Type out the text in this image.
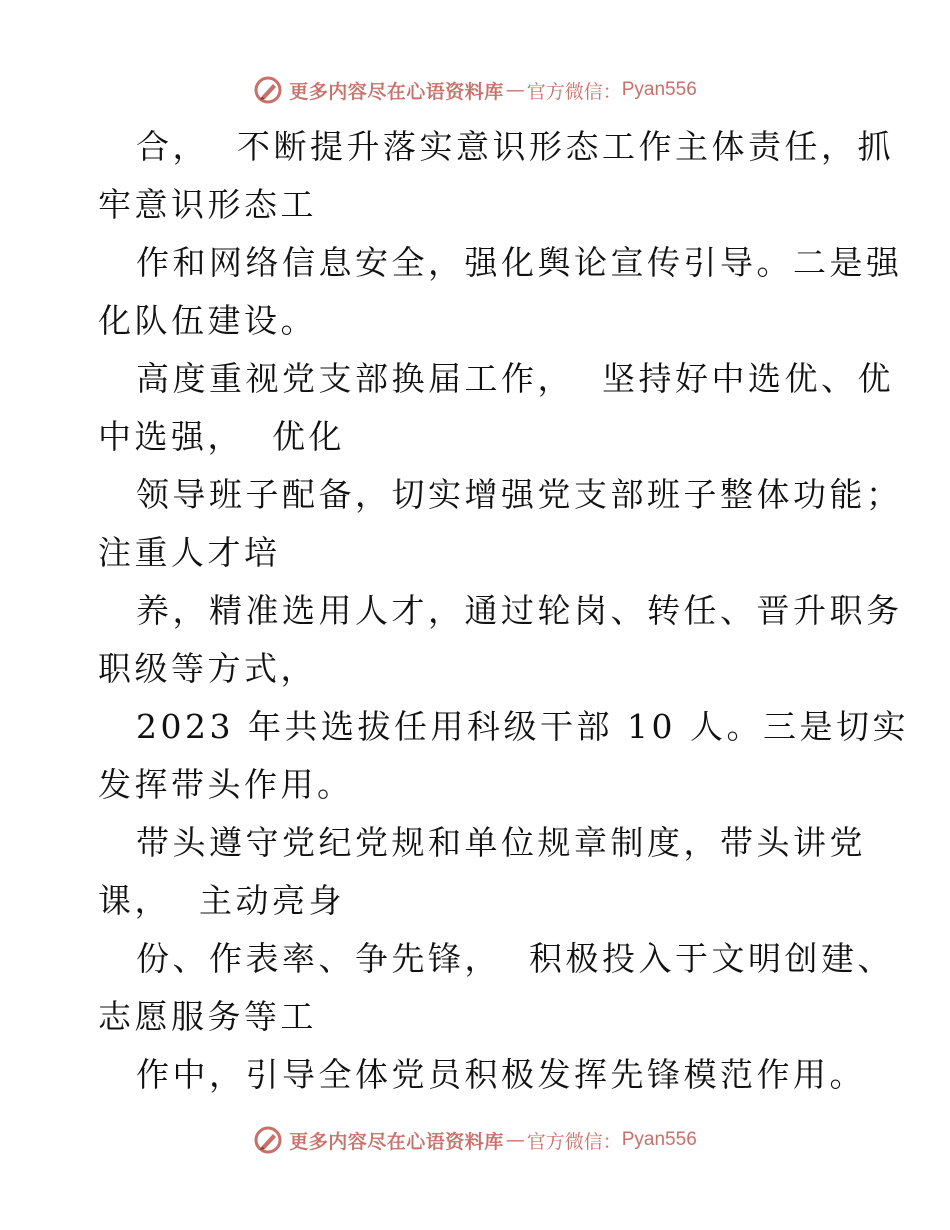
更多内容尽在心语资料库 — 官方微信： Pyan556
合，  不断提升落实意识形态工作主体责任，抓
牢意识形态工
作和网络信息安全，强化舆论宣传引导。二是强
化队伍建设。
高度重视党支部换届工作，  坚持好中选优、优
中选强，  优化
领导班子配备，切实增强党支部班子整体功能；
注重人才培
养，精准选用人才，通过轮岗、转任、晋升职务
职级等方式，
2023 年共选拔任用科级干部 10 人。三是切实
发挥带头作用。
带头遵守党纪党规和单位规章制度，带头讲党
课，  主动亮身
份、作表率、争先锋，  积极投入于文明创建、
志愿服务等工
作中，引导全体党员积极发挥先锋模范作用。
更多内容尽在心语资料库 — 官方微信： Pyan556
